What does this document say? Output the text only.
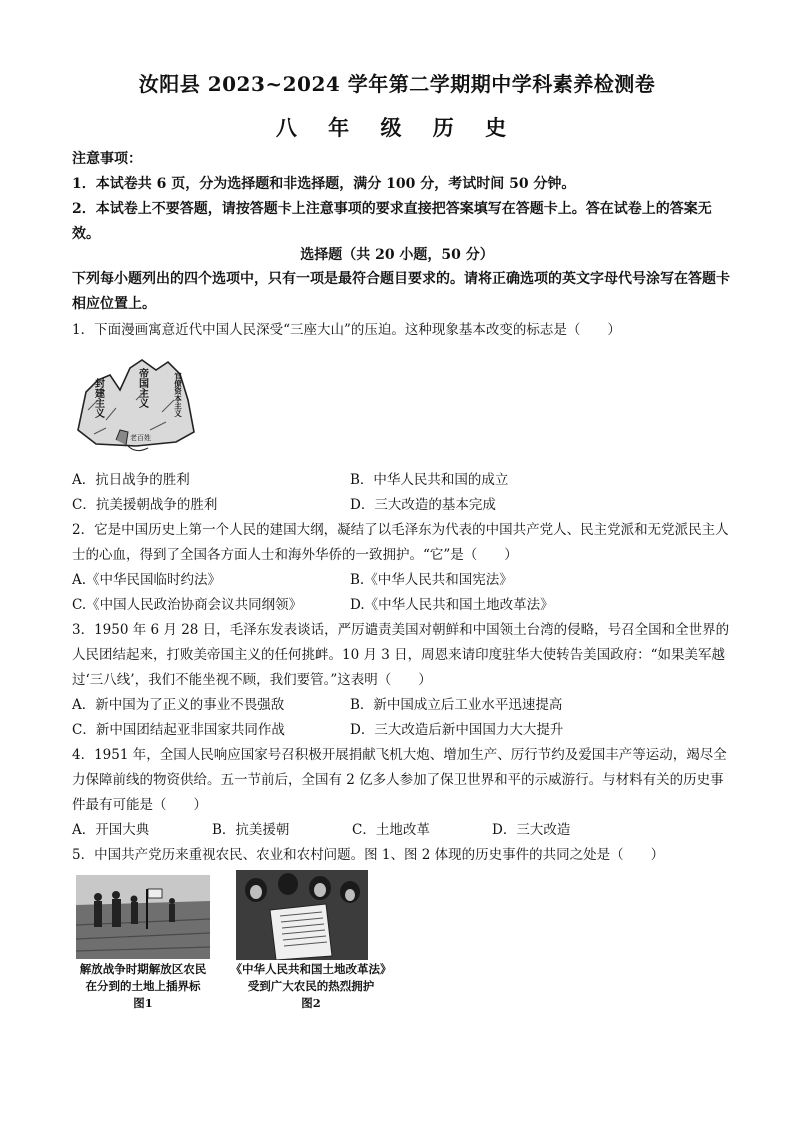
汝阳县 2023~2024 学年第二学期期中学科素养检测卷
八 年 级 历 史

注意事项：

1．本试卷共 6 页，分为选择题和非选择题，满分 100 分，考试时间 50 分钟。

2．本试卷上不要答题，请按答题卡上注意事项的要求直接把答案填写在答题卡上。答在试卷上的答案无效。

选择题（共 20 小题，50 分）
下列每小题列出的四个选项中，只有一项是最符合题目要求的。请将正确选项的英文字母代号涂写在答题卡相应位置上。

1．下面漫画寓意近代中国人民深受“三座大山”的压迫。这种现象基本改变的标志是（　　）

封建主义	帝国主义	官僚资本主义
老百姓
A．抗日战争的胜利	B．中华人民共和国的成立
C．抗美援朝战争的胜利	D．三大改造的基本完成

2．它是中国历史上第一个人民的建国大纲，凝结了以毛泽东为代表的中国共产党人、民主党派和无党派民主人士的心血，得到了全国各方面人士和海外华侨的一致拥护。“它”是（　　）

A.《中华民国临时约法》	B.《中华人民共和国宪法》
C.《中国人民政治协商会议共同纲领》	D.《中华人民共和国土地改革法》

3．1950 年 6 月 28 日，毛泽东发表谈话，严厉谴责美国对朝鲜和中国领土台湾的侵略，号召全国和全世界的人民团结起来，打败美帝国主义的任何挑衅。10 月 3 日，周恩来请印度驻华大使转告美国政府：“如果美军越过‘三八线’，我们不能坐视不顾，我们要管。”这表明（　　）

A．新中国为了正义的事业不畏强敌	B．新中国成立后工业水平迅速提高
C．新中国团结起亚非国家共同作战	D．三大改造后新中国国力大大提升

4．1951 年，全国人民响应国家号召积极开展捐献飞机大炮、增加生产、厉行节约及爱国丰产等运动，竭尽全力保障前线的物资供给。五一节前后，全国有 2 亿多人参加了保卫世界和平的示威游行。与材料有关的历史事件最有可能是（　　）

A．开国大典	B．抗美援朝	C．土地改革	D．三大改造

5．中国共产党历来重视农民、农业和农村问题。图 1、图 2 体现的历史事件的共同之处是（　　）

解放战争时期解放区农民
在分到的土地上插界标
图1
《中华人民共和国土地改革法》
受到广大农民的热烈拥护
图2
